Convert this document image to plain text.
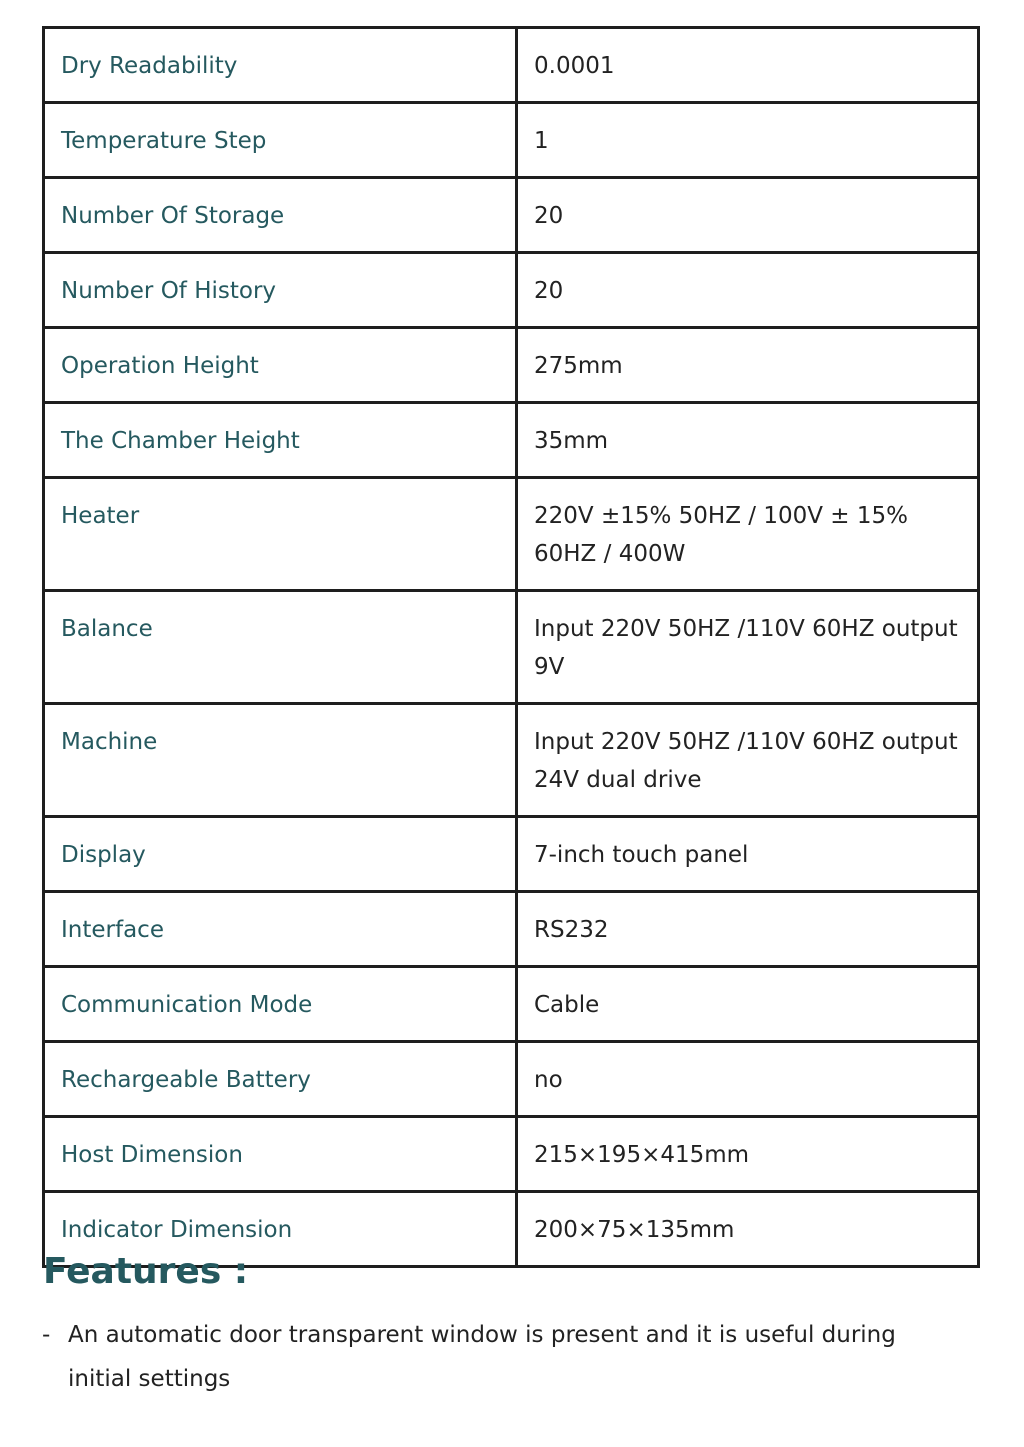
Dry Readability	0.0001
Temperature Step	1
Number Of Storage	20
Number Of History	20
Operation Height	275mm
The Chamber Height	35mm
Heater	220V ±15% 50HZ / 100V ± 15% 60HZ / 400W
Balance	Input 220V 50HZ /110V 60HZ output 9V
Machine	Input 220V 50HZ /110V 60HZ output 24V dual drive
Display	7-inch touch panel
Interface	RS232
Communication Mode	Cable
Rechargeable Battery	no
Host Dimension	215×195×415mm
Indicator Dimension	200×75×135mm
Features :
- An automatic door transparent window is present and it is useful during initial settings
